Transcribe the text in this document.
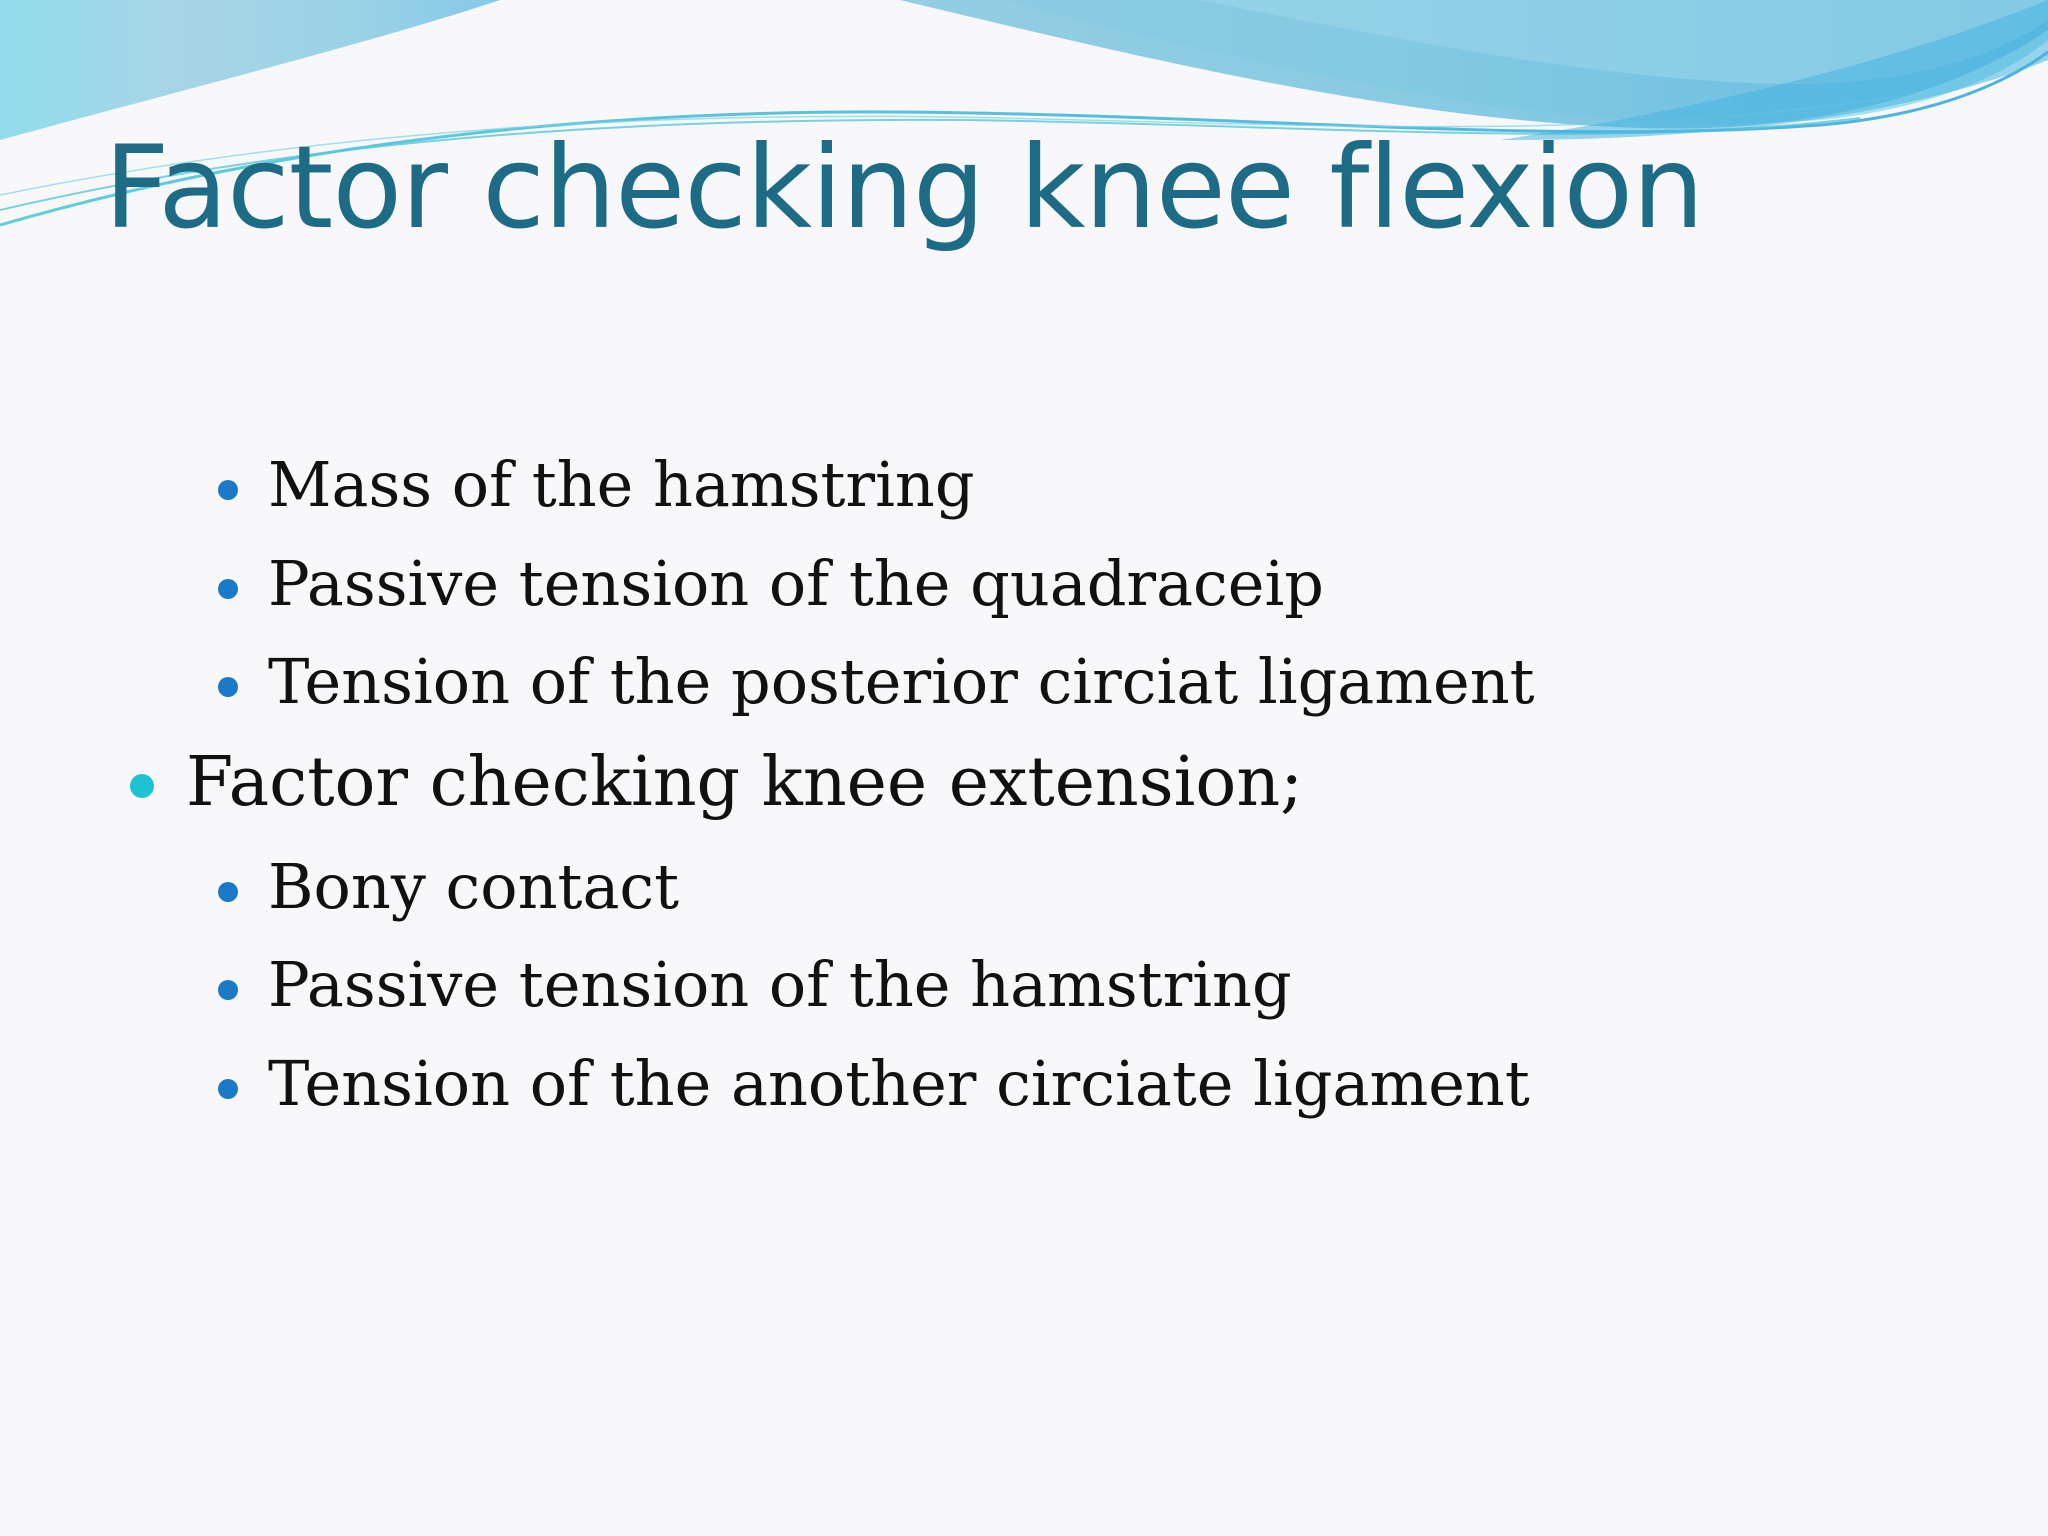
Factor checking knee flexion
Mass of the hamstring
Passive tension of the quadraceip
Tension of the posterior circiat ligament
Factor checking knee extension;
Bony contact
Passive tension of the hamstring
Tension of the another circiate ligament
